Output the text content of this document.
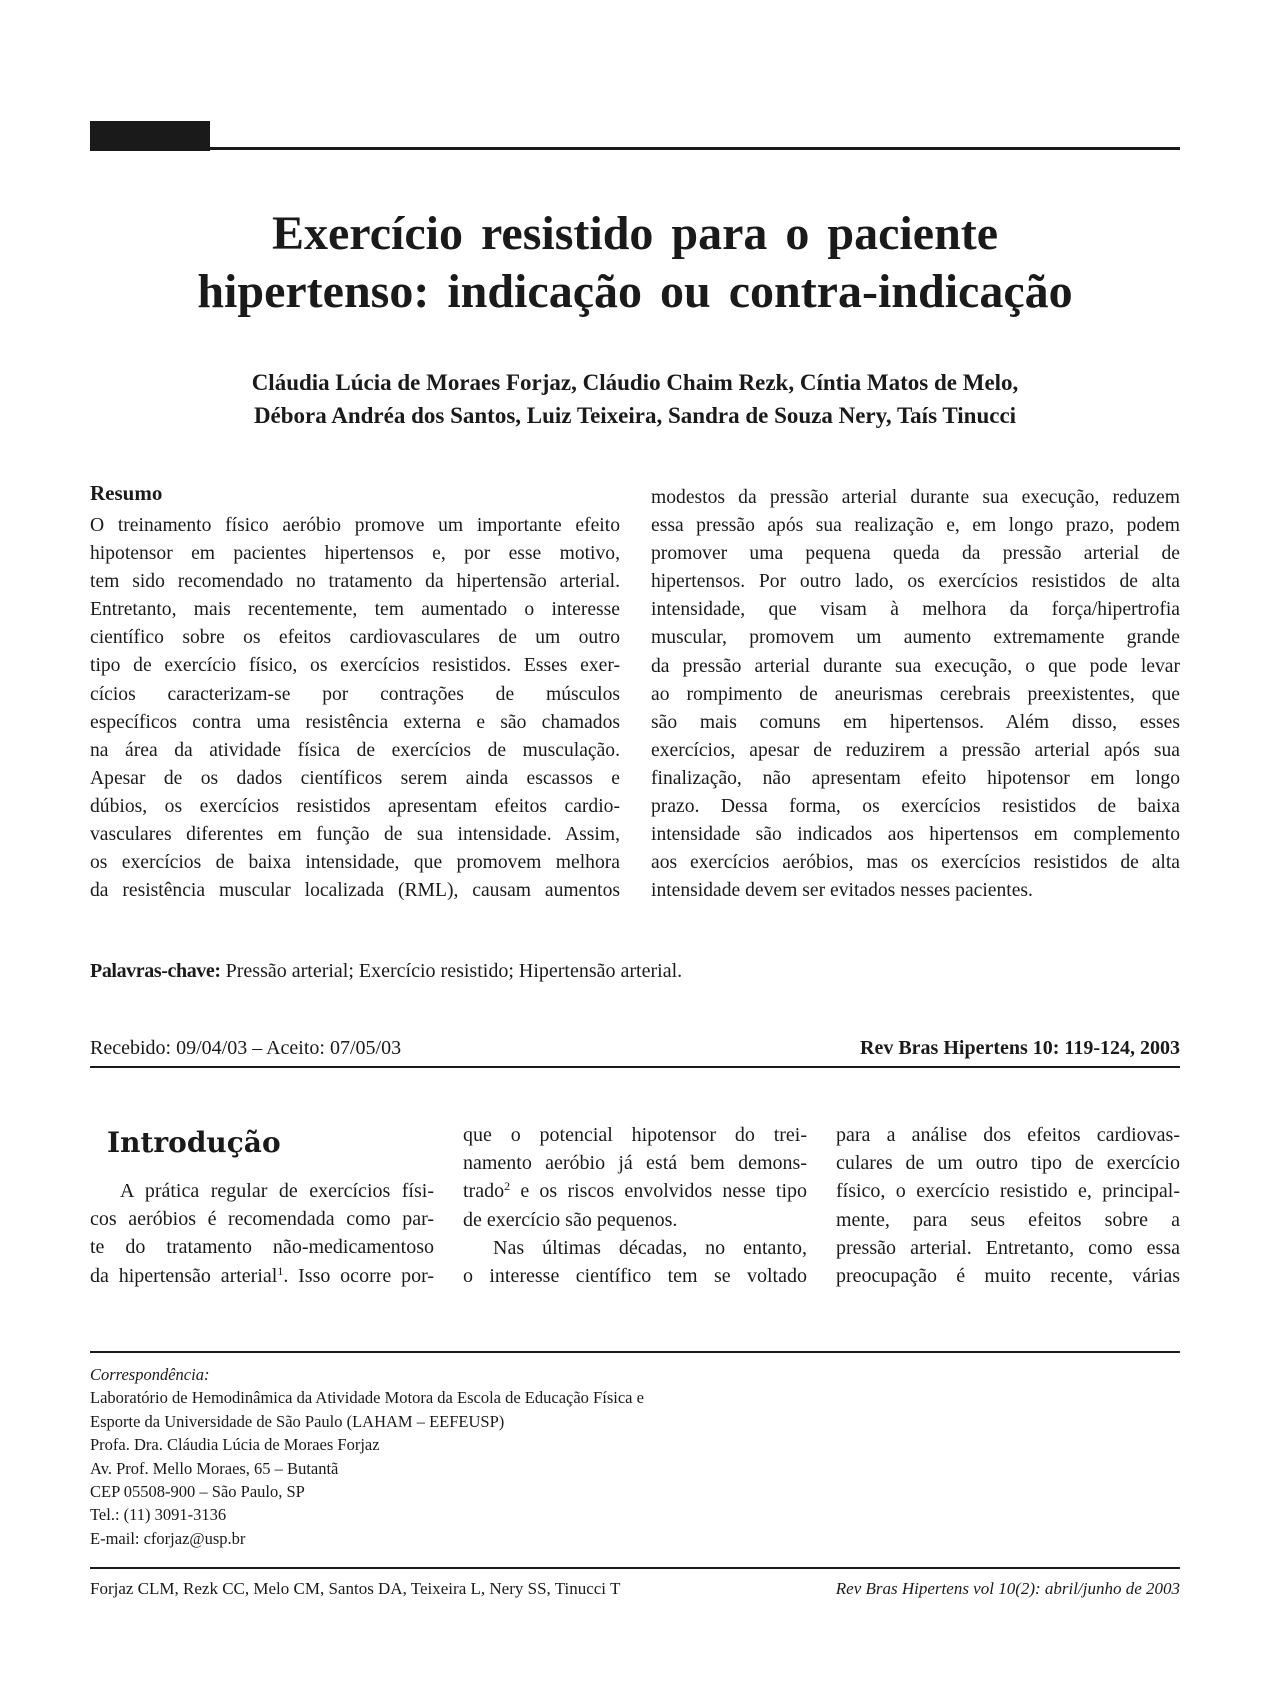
Exercício resistido para o paciente
hipertenso: indicação ou contra-indicação
Cláudia Lúcia de Moraes Forjaz, Cláudio Chaim Rezk, Cíntia Matos de Melo,
Débora Andréa dos Santos, Luiz Teixeira, Sandra de Souza Nery, Taís Tinucci
Resumo
O treinamento físico aeróbio promove um importante efeito
hipotensor em pacientes hipertensos e, por esse motivo,
tem sido recomendado no tratamento da hipertensão arterial.
Entretanto, mais recentemente, tem aumentado o interesse
científico sobre os efeitos cardiovasculares de um outro
tipo de exercício físico, os exercícios resistidos. Esses exer-
cícios caracterizam-se por contrações de músculos
específicos contra uma resistência externa e são chamados
na área da atividade física de exercícios de musculação.
Apesar de os dados científicos serem ainda escassos e
dúbios, os exercícios resistidos apresentam efeitos cardio-
vasculares diferentes em função de sua intensidade. Assim,
os exercícios de baixa intensidade, que promovem melhora
da resistência muscular localizada (RML), causam aumentos
modestos da pressão arterial durante sua execução, reduzem
essa pressão após sua realização e, em longo prazo, podem
promover uma pequena queda da pressão arterial de
hipertensos. Por outro lado, os exercícios resistidos de alta
intensidade, que visam à melhora da força/hipertrofia
muscular, promovem um aumento extremamente grande
da pressão arterial durante sua execução, o que pode levar
ao rompimento de aneurismas cerebrais preexistentes, que
são mais comuns em hipertensos. Além disso, esses
exercícios, apesar de reduzirem a pressão arterial após sua
finalização, não apresentam efeito hipotensor em longo
prazo. Dessa forma, os exercícios resistidos de baixa
intensidade são indicados aos hipertensos em complemento
aos exercícios aeróbios, mas os exercícios resistidos de alta
intensidade devem ser evitados nesses pacientes.
Palavras-chave: Pressão arterial; Exercício resistido; Hipertensão arterial.
Recebido: 09/04/03 – Aceito: 07/05/03	Rev Bras Hipertens 10: 119-124, 2003
Introdução
A prática regular de exercícios físi-
cos aeróbios é recomendada como par-
te do tratamento não-medicamentoso
da hipertensão arterial$^1$. Isso ocorre por-
que o potencial hipotensor do trei-
namento aeróbio já está bem demons-
trado$^2$ e os riscos envolvidos nesse tipo
de exercício são pequenos.
Nas últimas décadas, no entanto,
o interesse científico tem se voltado
para a análise dos efeitos cardiovas-
culares de um outro tipo de exercício
físico, o exercício resistido e, principal-
mente, para seus efeitos sobre a
pressão arterial. Entretanto, como essa
preocupação é muito recente, várias
Correspondência:
Laboratório de Hemodinâmica da Atividade Motora da Escola de Educação Física e
Esporte da Universidade de São Paulo (LAHAM – EEFEUSP)
Profa. Dra. Cláudia Lúcia de Moraes Forjaz
Av. Prof. Mello Moraes, 65 – Butantã
CEP 05508-900 – São Paulo, SP
Tel.: (11) 3091-3136
E-mail: cforjaz@usp.br
Forjaz CLM, Rezk CC, Melo CM, Santos DA, Teixeira L, Nery SS, Tinucci T	Rev Bras Hipertens vol 10(2): abril/junho de 2003
